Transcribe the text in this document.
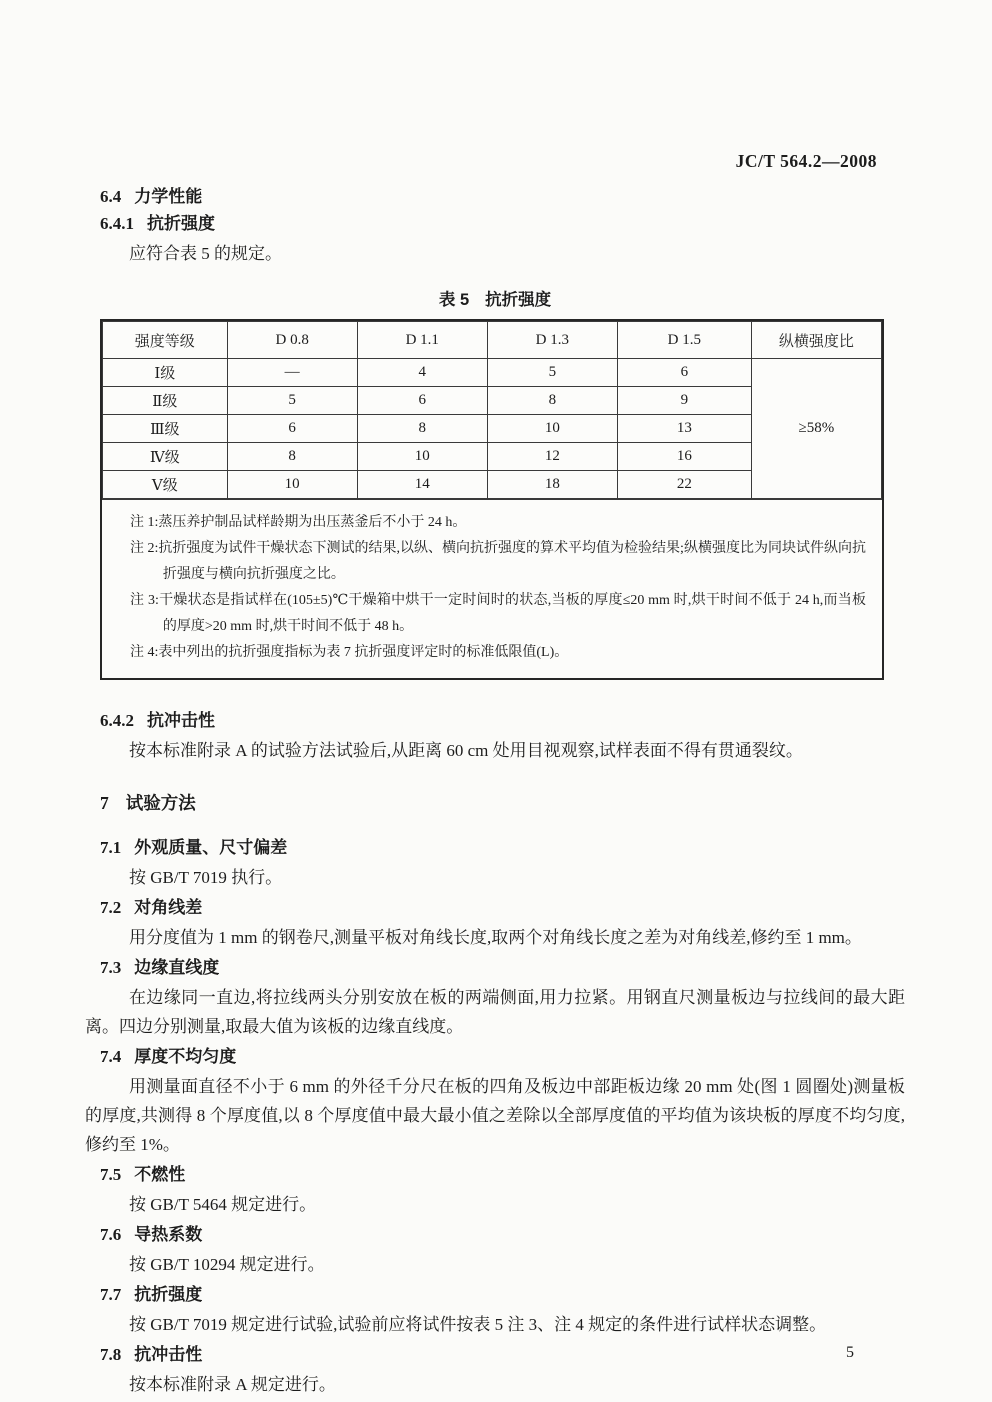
JC/T 564.2—2008
6.4 力学性能
6.4.1 抗折强度

应符合表 5 的规定。

表 5 抗折强度
强度等级	D 0.8	D 1.1	D 1.3	D 1.5	纵横强度比
Ⅰ级	—	4	5	6	≥58%
Ⅱ级	5	6	8	9	
Ⅲ级	6	8	10	13	
Ⅳ级	8	10	12	16	
Ⅴ级	10	14	18	22	
注 1:蒸压养护制品试样龄期为出压蒸釜后不小于 24 h。
注 2:抗折强度为试件干燥状态下测试的结果,以纵、横向抗折强度的算术平均值为检验结果;纵横强度比为同块试件纵向抗折强度与横向抗折强度之比。
注 3:干燥状态是指试样在(105±5)℃干燥箱中烘干一定时间时的状态,当板的厚度≤20 mm 时,烘干时间不低于 24 h,而当板的厚度>20 mm 时,烘干时间不低于 48 h。
注 4:表中列出的抗折强度指标为表 7 抗折强度评定时的标准低限值(L)。
6.4.2 抗冲击性

按本标准附录 A 的试验方法试验后,从距离 60 cm 处用目视观察,试样表面不得有贯通裂纹。

7 试验方法
7.1 外观质量、尺寸偏差

按 GB/T 7019 执行。

7.2 对角线差

用分度值为 1 mm 的钢卷尺,测量平板对角线长度,取两个对角线长度之差为对角线差,修约至 1 mm。

7.3 边缘直线度

在边缘同一直边,将拉线两头分别安放在板的两端侧面,用力拉紧。用钢直尺测量板边与拉线间的最大距离。四边分别测量,取最大值为该板的边缘直线度。

7.4 厚度不均匀度

用测量面直径不小于 6 mm 的外径千分尺在板的四角及板边中部距板边缘 20 mm 处(图 1 圆圈处)测量板的厚度,共测得 8 个厚度值,以 8 个厚度值中最大最小值之差除以全部厚度值的平均值为该块板的厚度不均匀度,修约至 1%。

7.5 不燃性

按 GB/T 5464 规定进行。

7.6 导热系数

按 GB/T 10294 规定进行。

7.7 抗折强度

按 GB/T 7019 规定进行试验,试验前应将试件按表 5 注 3、注 4 规定的条件进行试样状态调整。

7.8 抗冲击性

按本标准附录 A 规定进行。

5
